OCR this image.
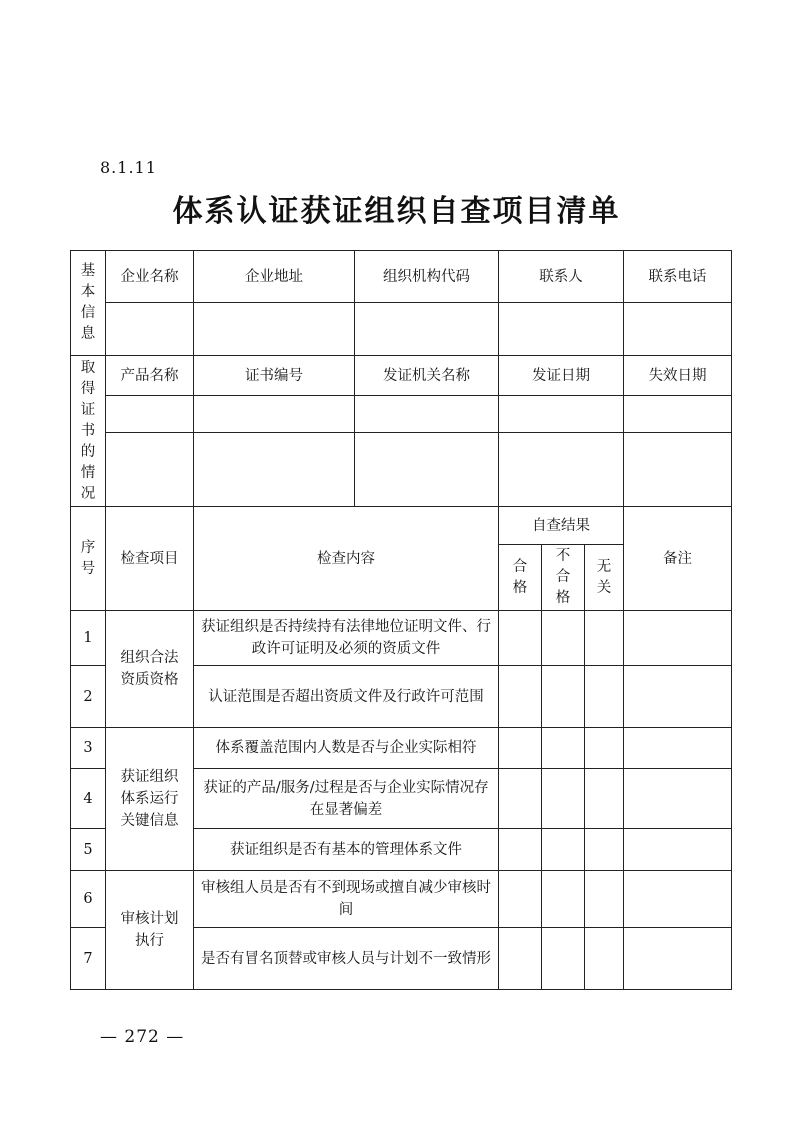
8.1.11
体系认证获证组织自查项目清单
基本信息	企业名称	企业地址	组织机构代码	联系人			联系电话

取得证书的情况	产品名称	证书编号	发证机关名称	发证日期			失效日期

序号	检查项目	检查内容		自查结果			备注

				合格	不合格	无关	

1	组织合法资质资格	获证组织是否持续持有法律地位证明文件、行政许可证明及必须的资质文件					
2		认证范围是否超出资质文件及行政许可范围					
3	获证组织体系运行关键信息	体系覆盖范围内人数是否与企业实际相符					
4		获证的产品/服务/过程是否与企业实际情况存在显著偏差					
5		获证组织是否有基本的管理体系文件					
6	审核计划执行	审核组人员是否有不到现场或擅自减少审核时间					
7		是否有冒名顶替或审核人员与计划不一致情形					
— 272 —
